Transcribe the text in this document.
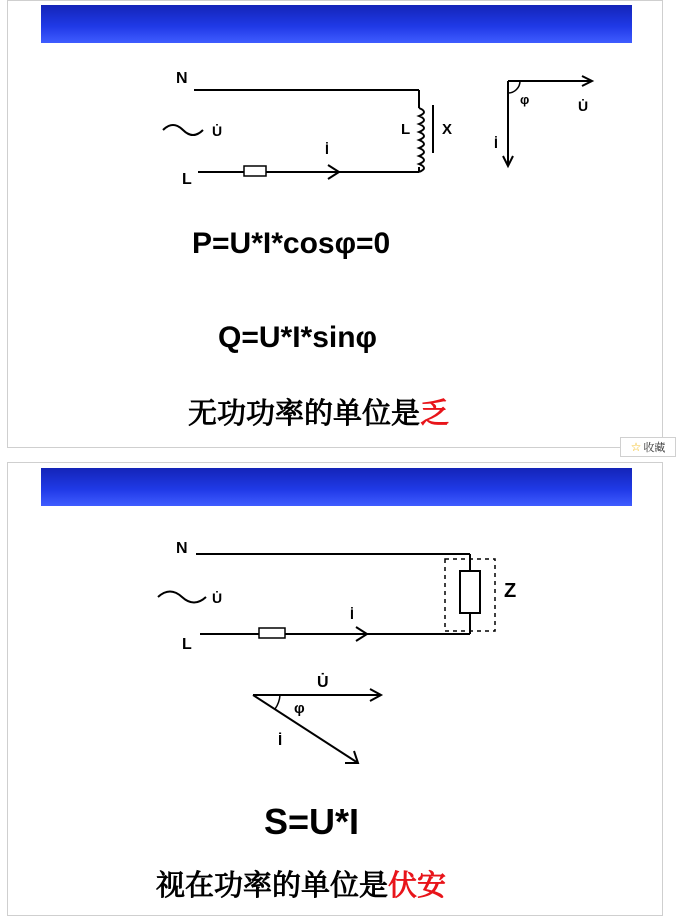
N
L
U̇
İ
L X
φ	U̇
İ
P=U*I*cosφ=0
Q=U*I*sinφ
无功功率的单位是乏
☆ 收藏
N
L
U̇
İ
Z
φ
U̇
İ
S=U*I
视在功率的单位是伏安
